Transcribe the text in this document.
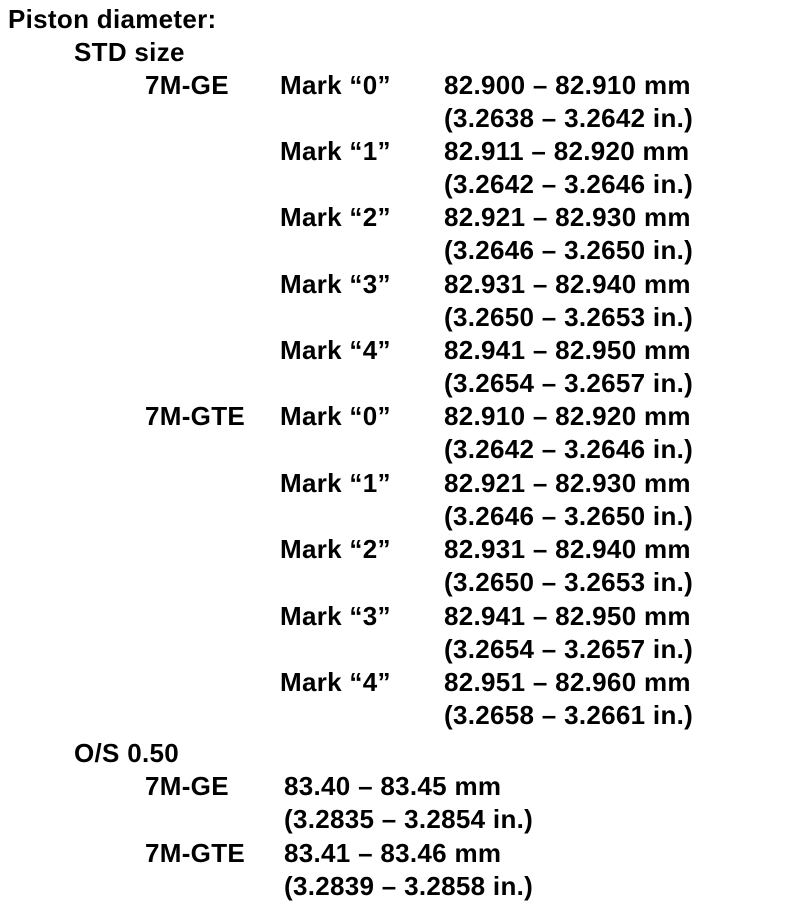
Piston diameter:
STD size
7M-GE Mark “0” 82.900 – 82.910 mm
(3.2638 – 3.2642 in.)
Mark “1” 82.911 – 82.920 mm
(3.2642 – 3.2646 in.)
Mark “2” 82.921 – 82.930 mm
(3.2646 – 3.2650 in.)
Mark “3” 82.931 – 82.940 mm
(3.2650 – 3.2653 in.)
Mark “4” 82.941 – 82.950 mm
(3.2654 – 3.2657 in.)
7M-GTE Mark “0” 82.910 – 82.920 mm
(3.2642 – 3.2646 in.)
Mark “1” 82.921 – 82.930 mm
(3.2646 – 3.2650 in.)
Mark “2” 82.931 – 82.940 mm
(3.2650 – 3.2653 in.)
Mark “3” 82.941 – 82.950 mm
(3.2654 – 3.2657 in.)
Mark “4” 82.951 – 82.960 mm
(3.2658 – 3.2661 in.)
O/S 0.50
7M-GE 83.40 – 83.45 mm
(3.2835 – 3.2854 in.)
7M-GTE 83.41 – 83.46 mm
(3.2839 – 3.2858 in.)
